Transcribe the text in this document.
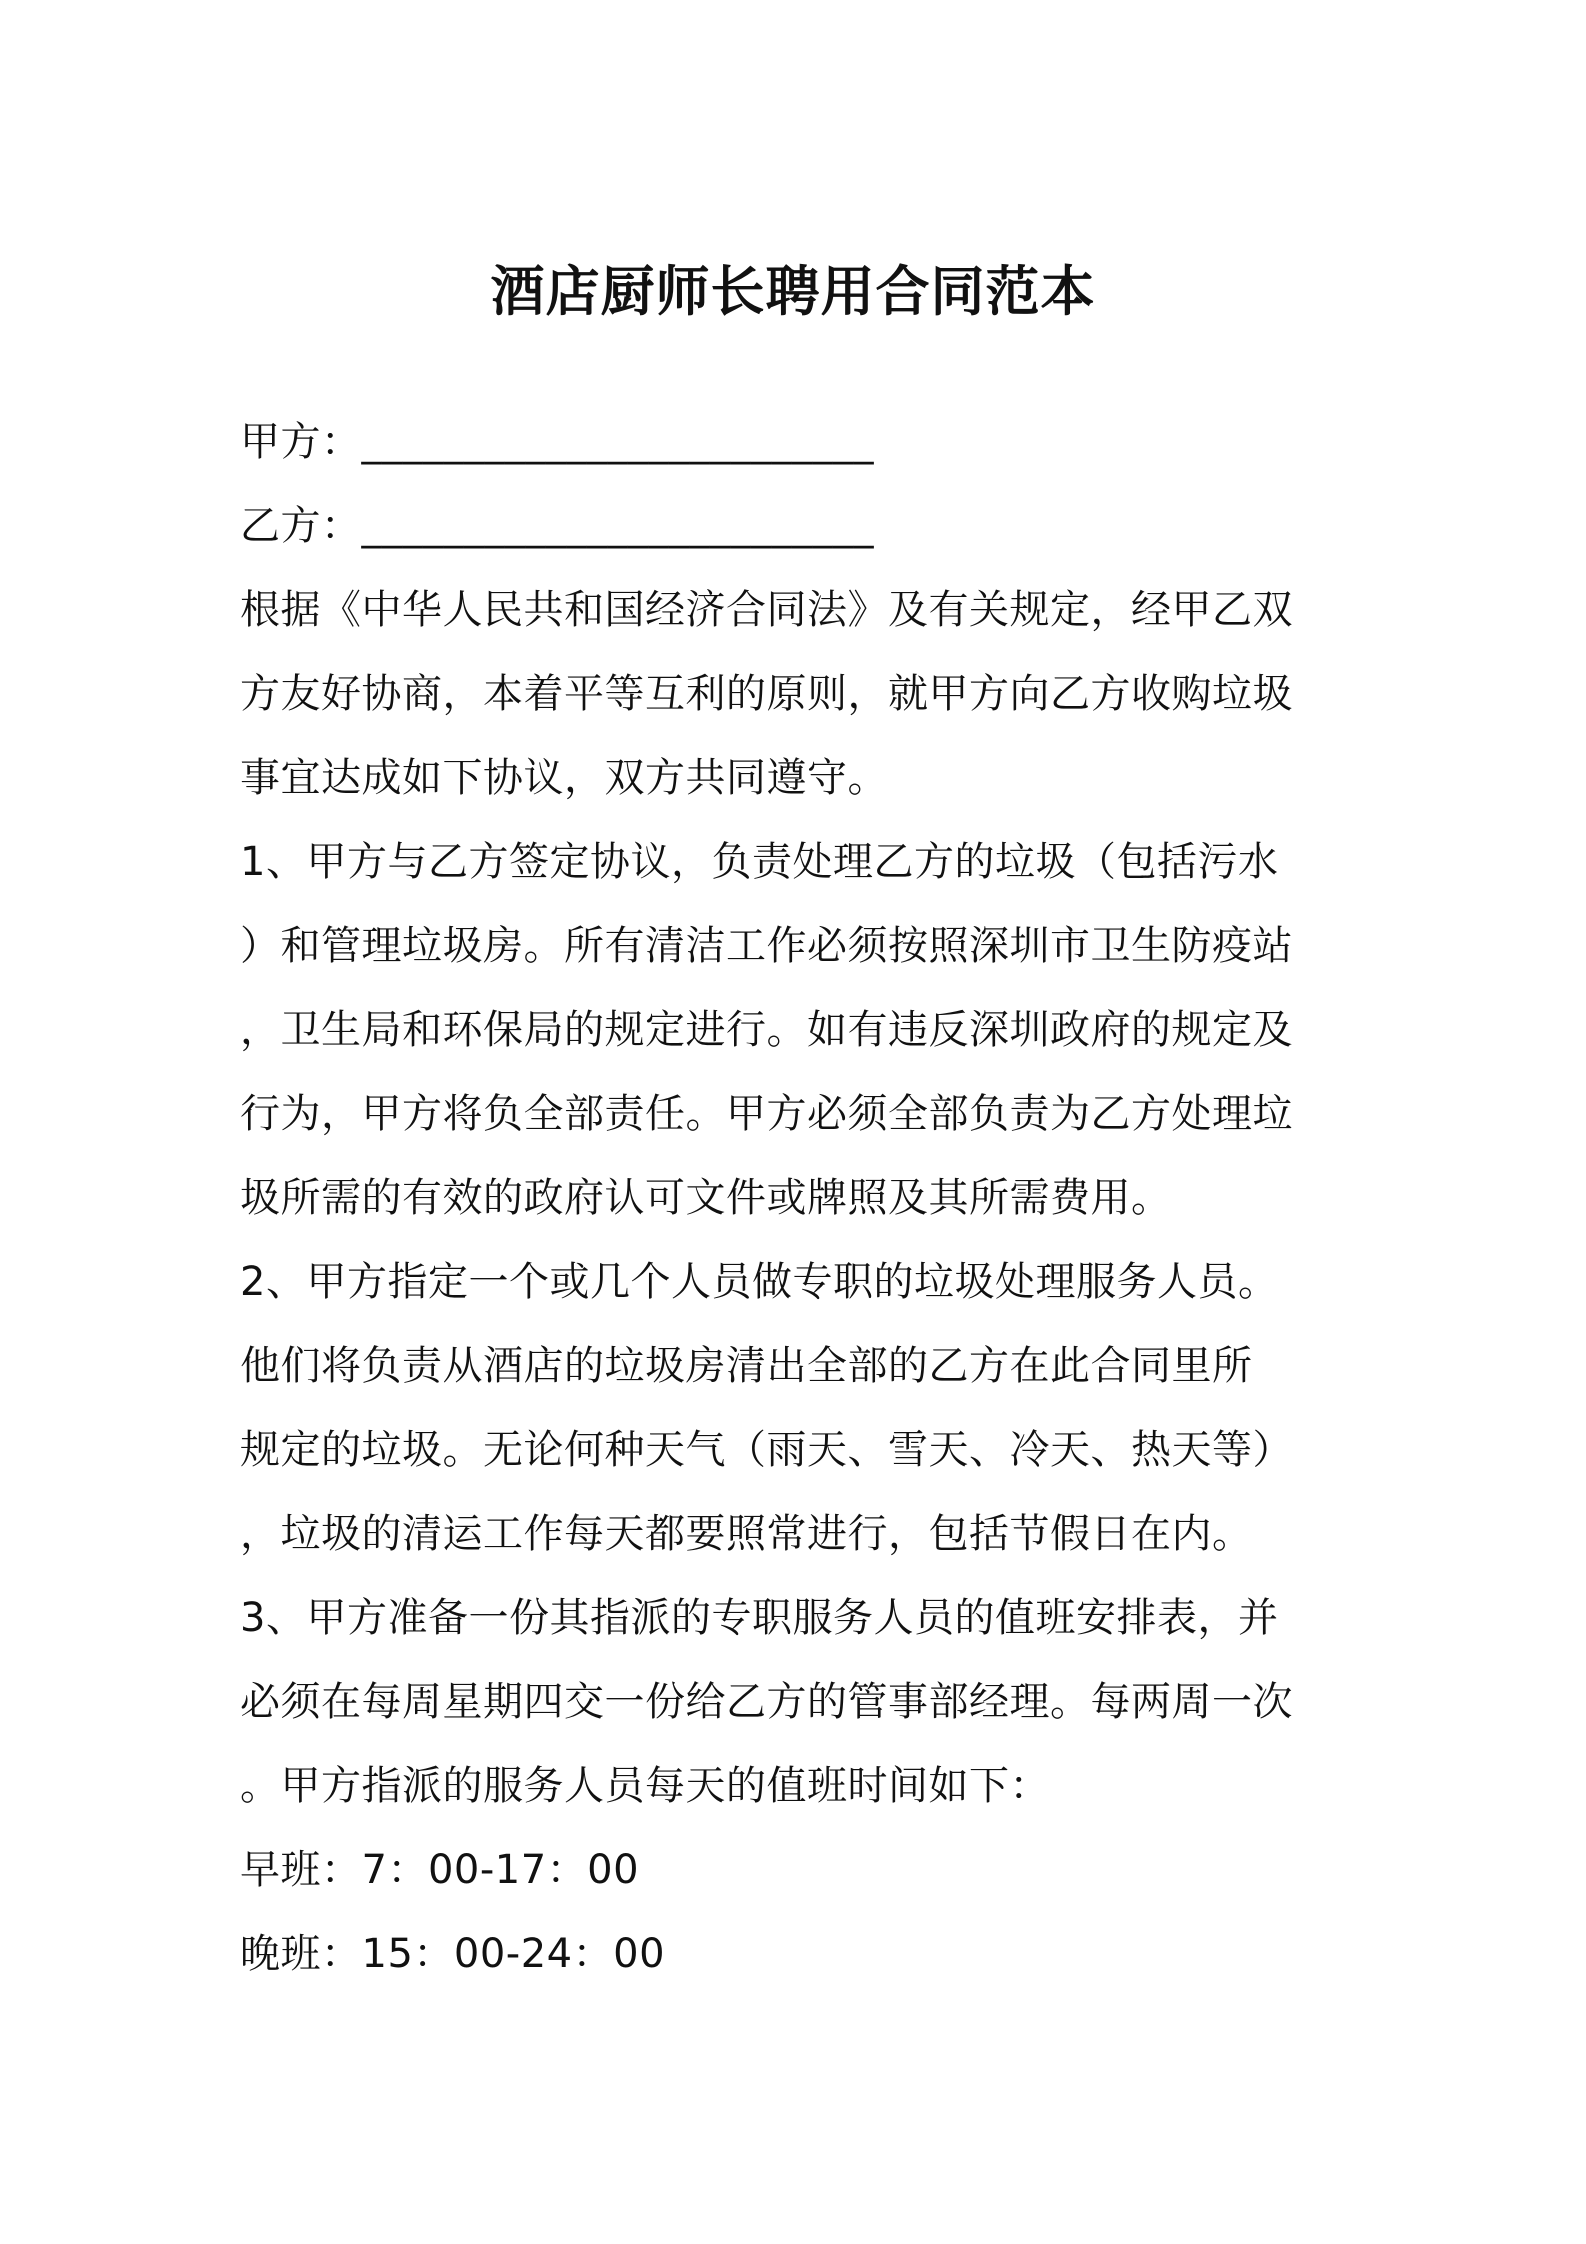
酒店厨师长聘用合同范本
甲方：_________________________
乙方：_________________________
根据《中华人民共和国经济合同法》及有关规定，经甲乙双
方友好协商，本着平等互利的原则，就甲方向乙方收购垃圾
事宜达成如下协议，双方共同遵守。
1、甲方与乙方签定协议，负责处理乙方的垃圾（包括污水
）和管理垃圾房。所有清洁工作必须按照深圳市卫生防疫站
，卫生局和环保局的规定进行。如有违反深圳政府的规定及
行为，甲方将负全部责任。甲方必须全部负责为乙方处理垃
圾所需的有效的政府认可文件或牌照及其所需费用。
2、甲方指定一个或几个人员做专职的垃圾处理服务人员。
他们将负责从酒店的垃圾房清出全部的乙方在此合同里所
规定的垃圾。无论何种天气（雨天、雪天、冷天、热天等）
，垃圾的清运工作每天都要照常进行，包括节假日在内。
3、甲方准备一份其指派的专职服务人员的值班安排表，并
必须在每周星期四交一份给乙方的管事部经理。每两周一次
。甲方指派的服务人员每天的值班时间如下：
早班：7：00-17：00
晚班：15：00-24：00
